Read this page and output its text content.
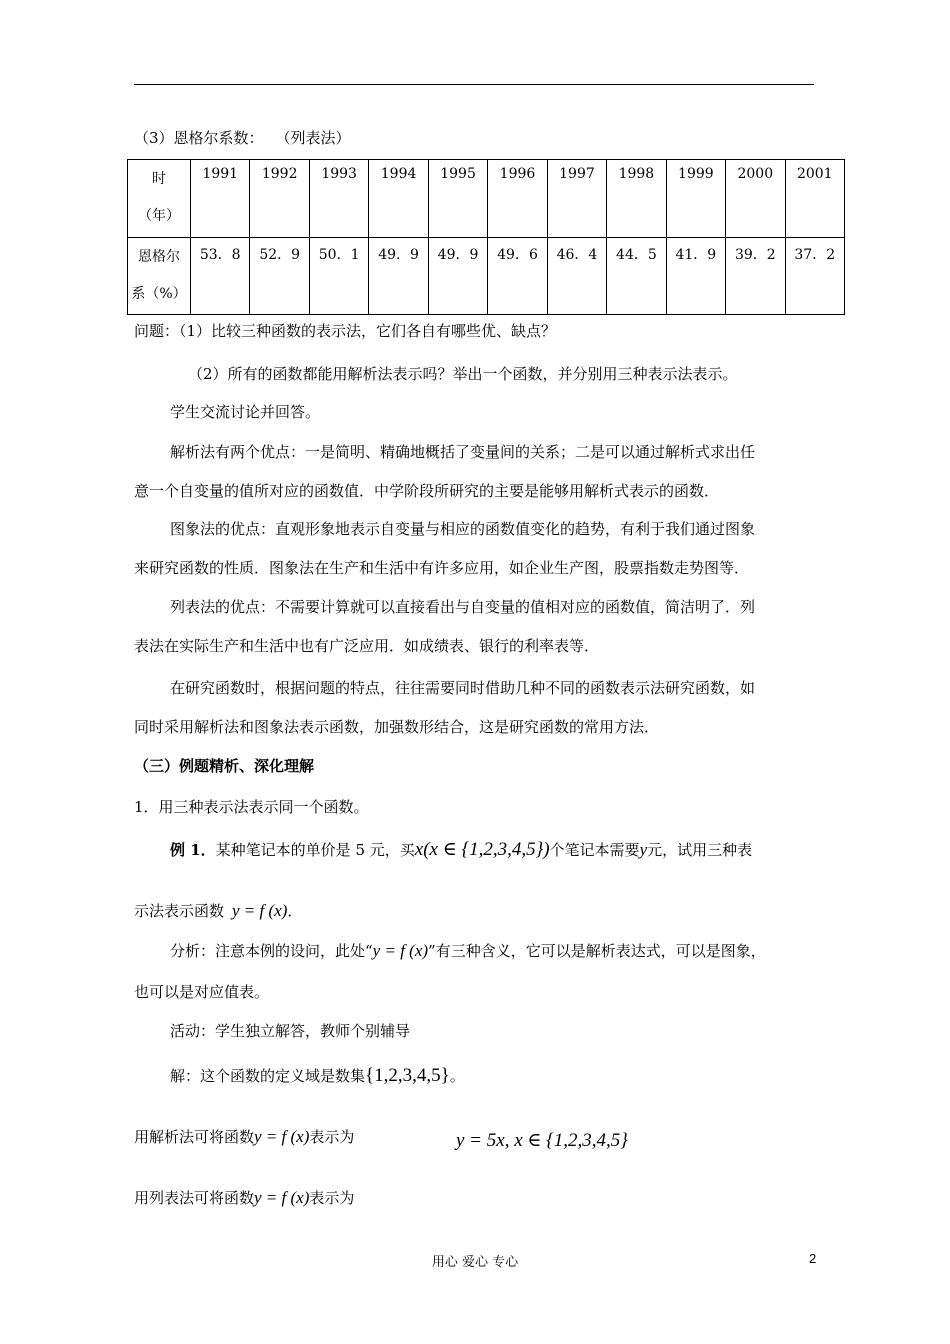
（3）恩格尔系数： （列表法）
时
（年）	1991	1992	1993	1994	1995	1996	1997	1998	1999	2000	2001

恩格尔
系（%）	53．8	52．9	50．1	49．9	49．9	49．6	46．4	44．5	41．9	39．2	37．2
问题：（1）比较三种函数的表示法，它们各自有哪些优、缺点？
（2）所有的函数都能用解析法表示吗？举出一个函数，并分别用三种表示法表示。
学生交流讨论并回答。
解析法有两个优点：一是简明、精确地概括了变量间的关系；二是可以通过解析式求出任
意一个自变量的值所对应的函数值．中学阶段所研究的主要是能够用解析式表示的函数．
图象法的优点：直观形象地表示自变量与相应的函数值变化的趋势，有利于我们通过图象
来研究函数的性质．图象法在生产和生活中有许多应用，如企业生产图，股票指数走势图等．
列表法的优点：不需要计算就可以直接看出与自变量的值相对应的函数值，简洁明了．列
表法在实际生产和生活中也有广泛应用．如成绩表、银行的利率表等．
在研究函数时，根据问题的特点，往往需要同时借助几种不同的函数表示法研究函数，如
同时采用解析法和图象法表示函数，加强数形结合，这是研究函数的常用方法．
（三）例题精析、深化理解
1．用三种表示法表示同一个函数。
例 1．某种笔记本的单价是 5 元，买x(x ∈ {1,2,3,4,5})个笔记本需要y元，试用三种表
示法表示函数 y = f (x)．
分析：注意本例的设问，此处“y = f (x)”有三种含义，它可以是解析表达式，可以是图象，
也可以是对应值表。
活动：学生独立解答，教师个别辅导
解：这个函数的定义域是数集{1,2,3,4,5}。
用解析法可将函数y = f (x)表示为	y = 5x, x ∈ {1,2,3,4,5}
用列表法可将函数y = f (x)表示为
用心 爱心 专心	2
